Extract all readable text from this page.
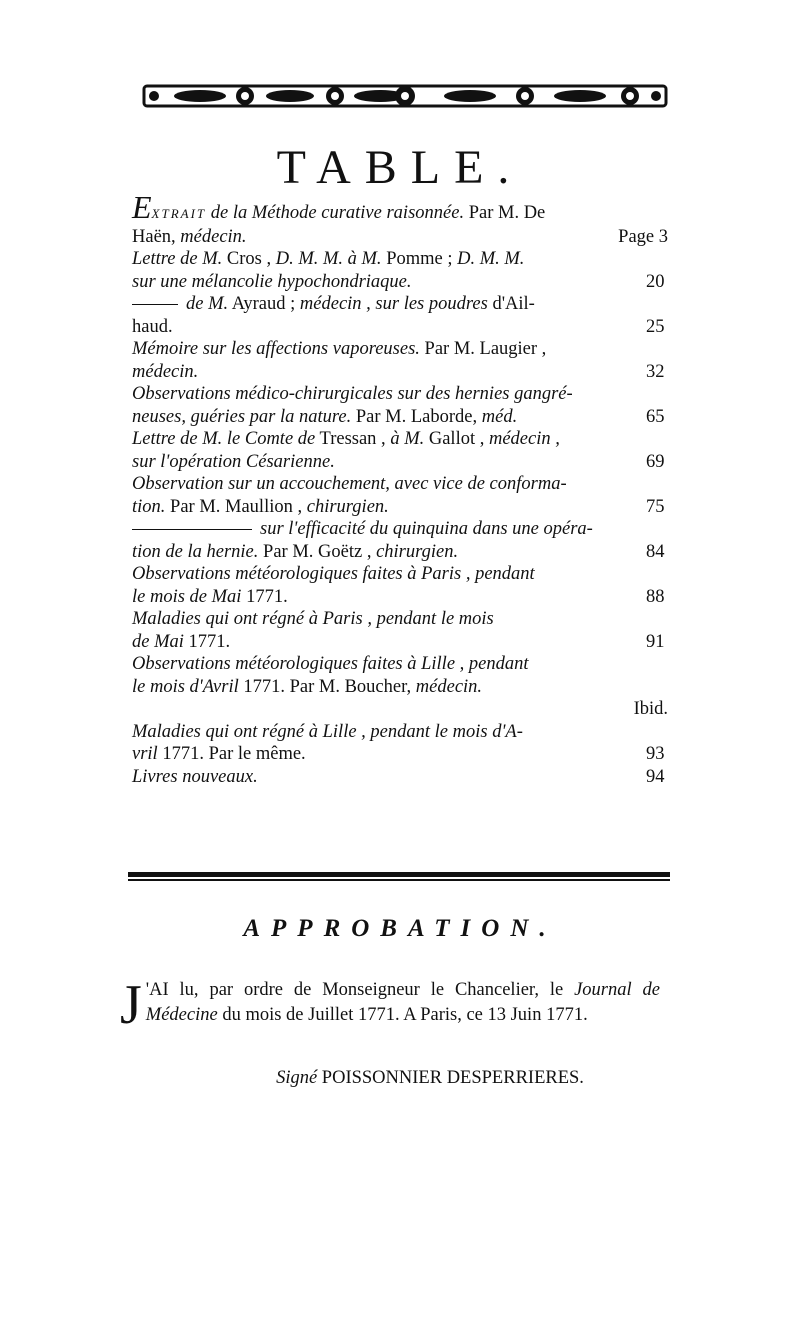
TABLE.
EXTRAIT de la Méthode curative raisonnée. Par M. De
Haën, médecin.	Page 3
Lettre de M. Cros , D. M. M. à M. Pomme ; D. M. M.
sur une mélancolie hypochondriaque.	20
de M. Ayraud ; médecin , sur les poudres d'Ail-
haud.	25
Mémoire sur les affections vaporeuses. Par M. Laugier ,
médecin.	32
Observations médico-chirurgicales sur des hernies gangré-
neuses, guéries par la nature. Par M. Laborde, méd.	65
Lettre de M. le Comte de Tressan , à M. Gallot , médecin ,
sur l'opération Césarienne.	69
Observation sur un accouchement, avec vice de conforma-
tion. Par M. Maullion , chirurgien.	75
sur l'efficacité du quinquina dans une opéra-
tion de la hernie. Par M. Goëtz , chirurgien.	84
Observations météorologiques faites à Paris , pendant
le mois de Mai 1771.	88
Maladies qui ont régné à Paris , pendant le mois
de Mai 1771.	91
Observations météorologiques faites à Lille , pendant
le mois d'Avril 1771. Par M. Boucher, médecin.
Ibid.
Maladies qui ont régné à Lille , pendant le mois d'A-
vril 1771. Par le même.	93
Livres nouveaux.	94
APPROBATION.
J 'AI lu, par ordre de Monseigneur le Chancelier, le Journal de Médecine du mois de Juillet 1771. A Paris, ce 13 Juin 1771.
Signé POISSONNIER DESPERRIERES.
